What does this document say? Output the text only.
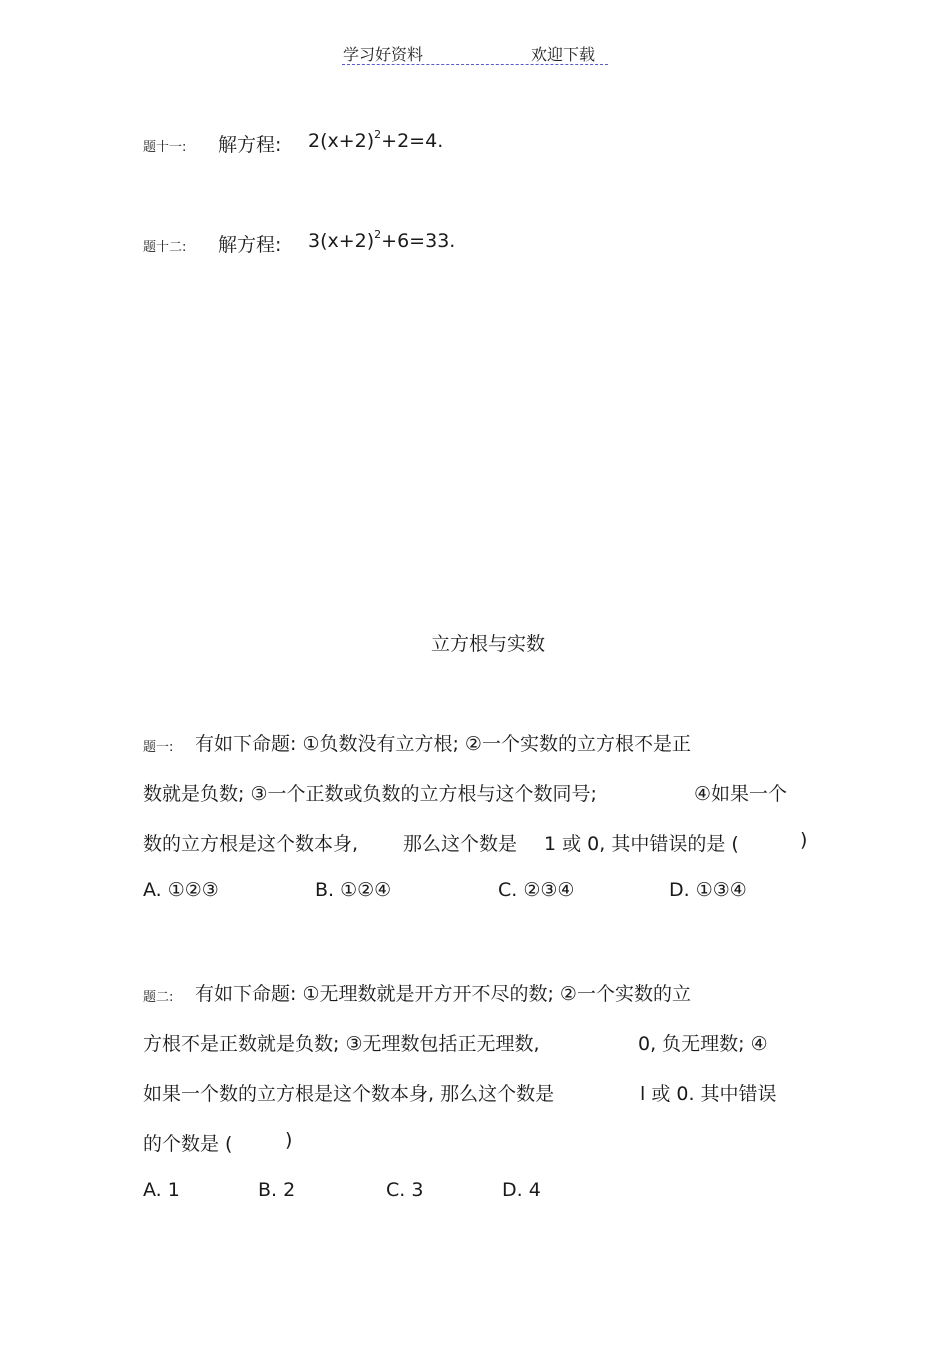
学习好资料	欢迎下载
题十一: 解方程: $2(x+2)^2+2=4$.
题十二: 解方程: $3(x+2)^2+6=33$.
立方根与实数
题一: 有如下命题: ①负数没有立方根; ②一个实数的立方根不是正
数就是负数; ③一个正数或负数的立方根与这个数同号;	④如果一个
数的立方根是这个数本身, 那么这个数是 1 或 0, 其中错误的是 (	)
A. ①②③	B. ①②④	C. ②③④	D. ①③④
题二: 有如下命题: ①无理数就是开方开不尽的数; ②一个实数的立
方根不是正数就是负数; ③无理数包括正无理数,	0, 负无理数; ④
如果一个数的立方根是这个数本身, 那么这个数是	l 或 0. 其中错误
的个数是 (	)
A. 1	B. 2	C. 3	D. 4
